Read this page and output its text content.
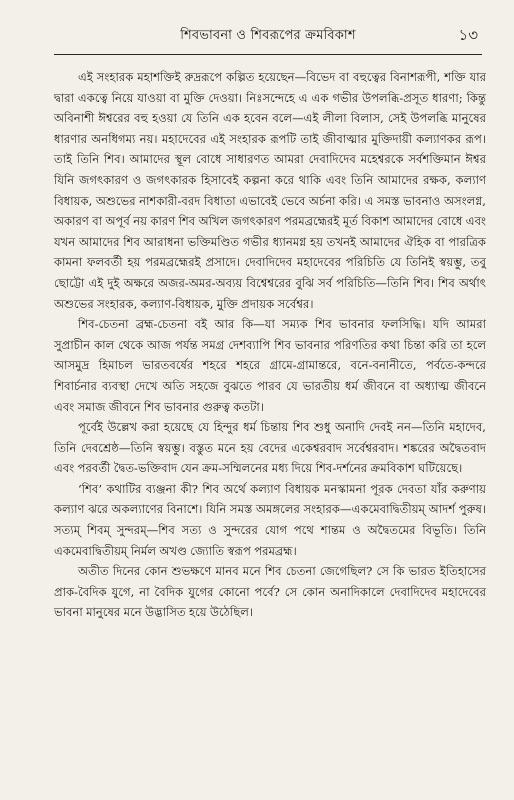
শিবভাবনা ও শিবরূপের ক্রমবিকাশ	১৩

এই সংহারক মহাশক্তিই রুদ্ররূপে কল্পিত হয়েছেন—বিভেদ বা বহুত্বের বিনাশরূপী, শক্তি যার দ্বারা একত্বে নিয়ে যাওয়া বা মুক্তি দেওয়া। নিঃসন্দেহে এ এক গভীর উপলব্ধি-প্রসূত ধারণা; কিন্তু অবিনাশী ঈশ্বরের বহু হওয়া যে তিনি এক হবেন বলে—এই লীলা বিলাস, সেই উপলব্ধি মানুষের ধারণার অনধিগম্য নয়। মহাদেবের এই সংহারক রূপটি তাই জীবাত্মার মুক্তিদায়ী কল্যাণকর রূপ। তাই তিনি শিব। আমাদের স্থূল বোধে সাধারণত আমরা দেবাদিদেব মহেশ্বরকে সর্বশক্তিমান ঈশ্বর যিনি জগৎকারণ ও জগৎকারক হিসাবেই কল্পনা করে থাকি এবং তিনি আমাদের রক্ষক, কল্যাণ বিধায়ক, অশুভের নাশকারী-বরদ বিধাতা এভাবেই ভেবে অর্চনা করি। এ সমস্ত ভাবনাও অসংলগ্ন, অকারণ বা অপূর্ব নয় কারণ শিব অখিল জগৎকারণ পরমব্রহ্মেরই মূর্ত বিকাশ আমাদের বোধে এবং যখন আমাদের শিব আরাধনা ভক্তিমণ্ডিত গভীর ধ্যানমগ্ন হয় তখনই আমাদের ঐহিক বা পারত্রিক কামনা ফলবর্তী হয় পরমব্রহ্মেরই প্রসাদে। দেবাদিদেব মহাদেবের পরিচিতি যে তিনিই স্বয়ম্ভু, তবু ছোট্টো এই দুই অক্ষরে অজর-অমর-অব্যয় বিশ্বেশ্বরের বুঝি সর্ব পরিচিতি—তিনি শিব। শিব অর্থাৎ অশুভের সংহারক, কল্যাণ-বিধায়ক, মুক্তি প্রদায়ক সর্বেশ্বর।

শিব-চেতনা ব্রহ্ম-চেতনা বই আর কি—যা সম্যক শিব ভাবনার ফলসিদ্ধি। যদি আমরা সুপ্রাচীন কাল থেকে আজ পর্যন্ত সমগ্র দেশব্যাপি শিব ভাবনার পরিণতির কথা চিন্তা করি তা হলে আসমুদ্র হিমাচল ভারতবর্ষের শহরে শহরে গ্রামে-গ্রামান্তরে, বনে-বনানীতে, পর্বতে-কন্দরে শিবার্চনার ব্যবস্থা দেখে অতি সহজে বুঝতে পারব যে ভারতীয় ধর্ম জীবনে বা অধ্যাত্ম জীবনে এবং সমাজ জীবনে শিব ভাবনার গুরুত্ব কতটা।

পূর্বেই উল্লেখ করা হয়েছে যে হিন্দুর ধর্ম চিন্তায় শিব শুধু অনাদি দেবই নন—তিনি মহাদেব, তিনি দেবশ্রেষ্ঠ—তিনি স্বয়ম্ভু। বস্তুত মনে হয় বেদের একেশ্বরবাদ সর্বেশ্বরবাদ। শঙ্করের অদ্বৈতবাদ এবং পরবর্তী দ্বৈত-ভক্তিবাদ যেন ক্রম-সম্মিলনের মধ্য দিয়ে শিব-দর্শনের ক্রমবিকাশ ঘটিয়েছে।

‘শিব’ কথাটির ব্যঞ্জনা কী? শিব অর্থে কল্যাণ বিধায়ক মনস্কামনা পূরক দেবতা যাঁর করুণায় কল্যাণ ঝরে অকল্যাণের বিনাশে। যিনি সমস্ত অমঙ্গলের সংহারক—একমেবাদ্বিতীয়ম্ আদর্শ পুরুষ। সত্যম্ শিবম্ সুন্দরম্—শিব সত্য ও সুন্দরের যোগ পথে শান্তম ও অদ্বৈতমের বিভূতি। তিনি একমেবাদ্বিতীয়ম্ নির্মল অখণ্ড জ্যোতি স্বরূপ পরমব্রহ্ম।

অতীত দিনের কোন শুভক্ষণে মানব মনে শিব চেতনা জেগেছিল? সে কি ভারত ইতিহাসের প্রাক-বৈদিক যুগে, না বৈদিক যুগের কোনো পর্বে? সে কোন অনাদিকালে দেবাদিদেব মহাদেবের ভাবনা মানুষের মনে উদ্ভাসিত হয়ে উঠেছিল।
